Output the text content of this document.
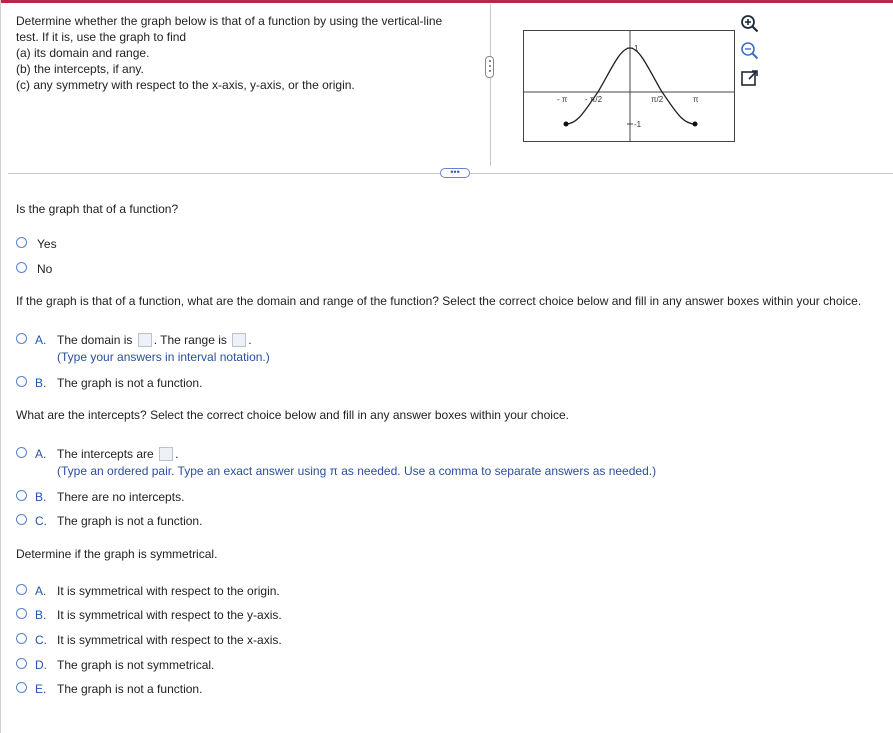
Determine whether the graph below is that of a function by using the vertical-line
test. If it is, use the graph to find
(a) its domain and range.
(b) the intercepts, if any.
(c) any symmetry with respect to the x-axis, y-axis, or the origin.
- π - π/2	π/2	π
1
-1
•••
Is the graph that of a function?
Yes
No
If the graph is that of a function, what are the domain and range of the function? Select the correct choice below and fill in any answer boxes within your choice.
A. The domain is . The range is .
(Type your answers in interval notation.)
B. The graph is not a function.
What are the intercepts? Select the correct choice below and fill in any answer boxes within your choice.
A. The intercepts are .
(Type an ordered pair. Type an exact answer using π as needed. Use a comma to separate answers as needed.)
B. There are no intercepts.
C. The graph is not a function.
Determine if the graph is symmetrical.
A. It is symmetrical with respect to the origin.
B. It is symmetrical with respect to the y-axis.
C. It is symmetrical with respect to the x-axis.
D. The graph is not symmetrical.
E. The graph is not a function.
